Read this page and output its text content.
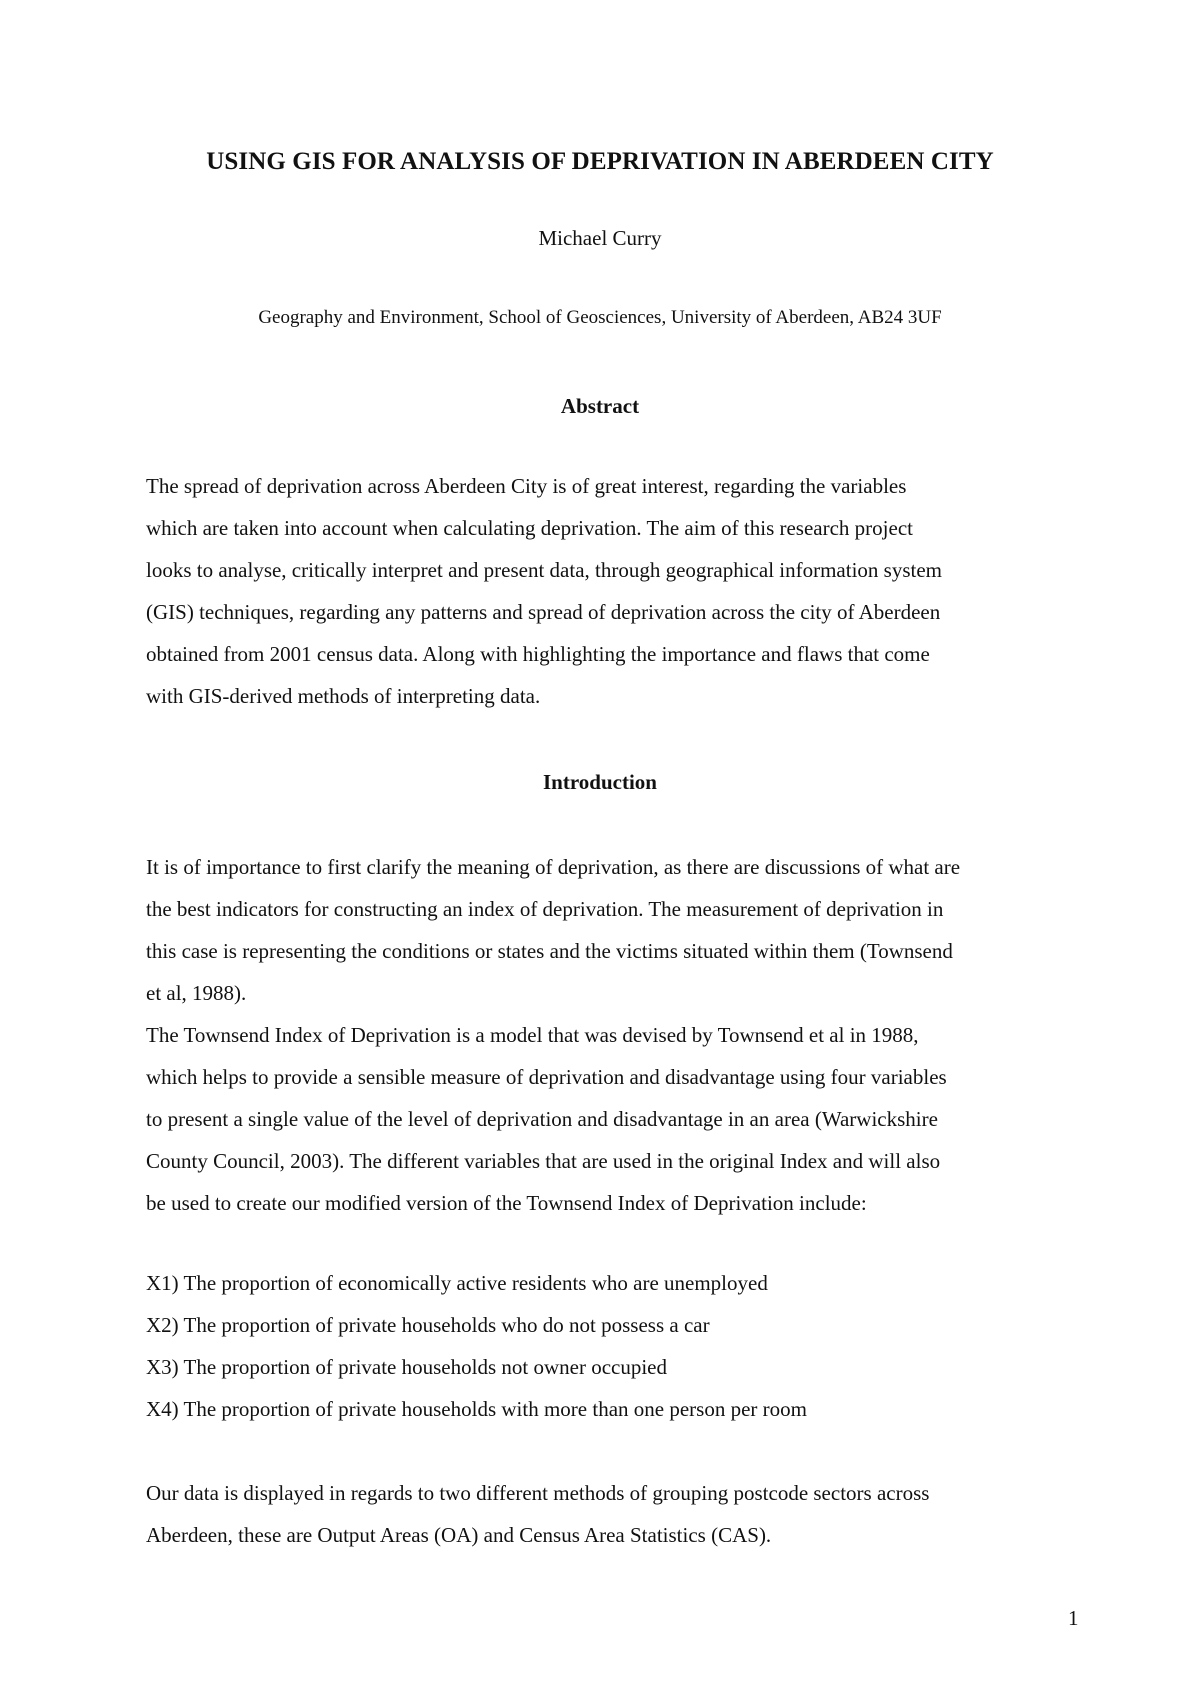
USING GIS FOR ANALYSIS OF DEPRIVATION IN ABERDEEN CITY
Michael Curry
Geography and Environment, School of Geosciences, University of Aberdeen, AB24 3UF
Abstract
The spread of deprivation across Aberdeen City is of great interest, regarding the variables
which are taken into account when calculating deprivation. The aim of this research project
looks to analyse, critically interpret and present data, through geographical information system
(GIS) techniques, regarding any patterns and spread of deprivation across the city of Aberdeen
obtained from 2001 census data. Along with highlighting the importance and flaws that come
with GIS-derived methods of interpreting data.
Introduction
It is of importance to first clarify the meaning of deprivation, as there are discussions of what are
the best indicators for constructing an index of deprivation. The measurement of deprivation in
this case is representing the conditions or states and the victims situated within them (Townsend
et al, 1988).
The Townsend Index of Deprivation is a model that was devised by Townsend et al in 1988,
which helps to provide a sensible measure of deprivation and disadvantage using four variables
to present a single value of the level of deprivation and disadvantage in an area (Warwickshire
County Council, 2003). The different variables that are used in the original Index and will also
be used to create our modified version of the Townsend Index of Deprivation include:
X1) The proportion of economically active residents who are unemployed
X2) The proportion of private households who do not possess a car
X3) The proportion of private households not owner occupied
X4) The proportion of private households with more than one person per room
Our data is displayed in regards to two different methods of grouping postcode sectors across
Aberdeen, these are Output Areas (OA) and Census Area Statistics (CAS).
1
